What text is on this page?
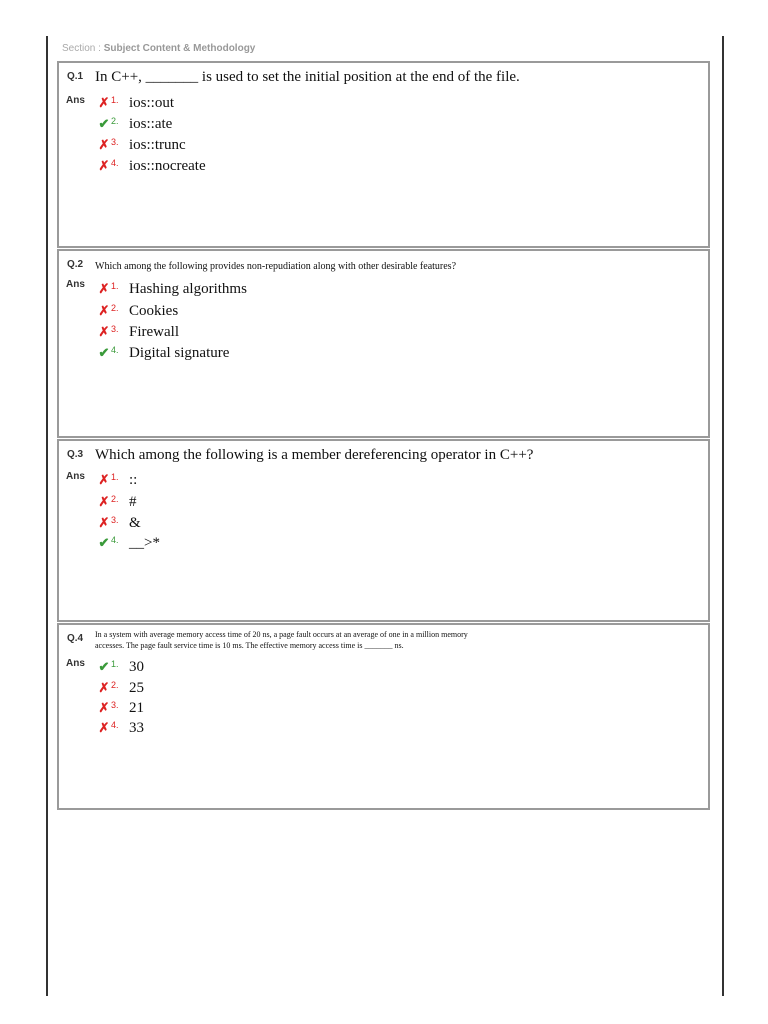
Section : Subject Content & Methodology
Q.1 In C++, _______ is used to set the initial position at the end of the file.
Ans ✗ 1. ios::out
✔ 2. ios::ate
✗ 3. ios::trunc
✗ 4. ios::nocreate
Q.2 Which among the following provides non-repudiation along with other desirable features?
Ans ✗ 1. Hashing algorithms
✗ 2. Cookies
✗ 3. Firewall
✔ 4. Digital signature
Q.3 Which among the following is a member dereferencing operator in C++?
Ans ✗ 1. ::
✗ 2. #
✗ 3. &
✔ 4. __>*
Q.4 In a system with average memory access time of 20 ns, a page fault occurs at an average of one in a million memory
accesses. The page fault service time is 10 ms. The effective memory access time is _______ ns.
Ans ✔ 1. 30
✗ 2. 25
✗ 3. 21
✗ 4. 33
